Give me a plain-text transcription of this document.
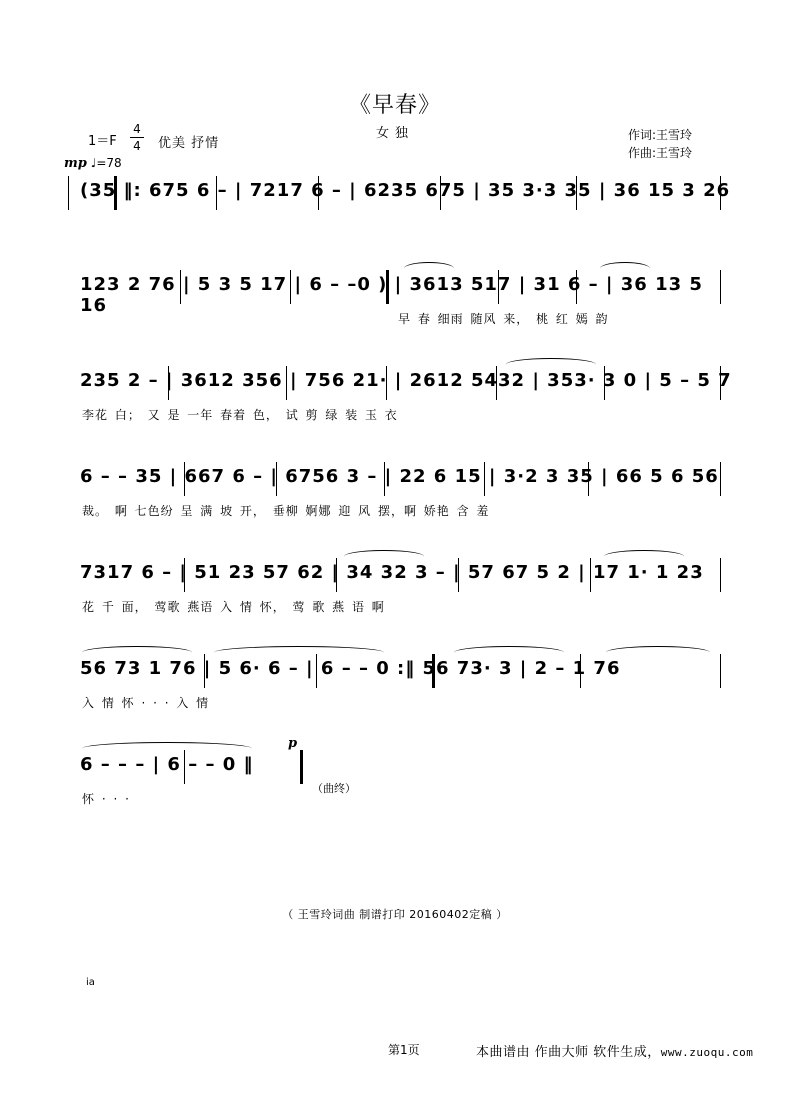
《早春》
女独	作词:王雪玲
作曲:王雪玲
1＝F
4
4 优美 抒情
mp ♩=78
(35 ‖: 675 6 – | 7217 6 – | 6235 675 | 35 3·3 35 | 36 15 3 26
123 2 76 | 5 3 5 17 | 6 – –0 ) | 3613 517 | 31 6 – | 36 13 5 16
早 春 细雨 随风 来， 桃 红 嫣 韵
235 2 – | 3612 356 | 756 21· | 2612 5432 | 353· 3 0 | 5 – 5 7
李花 白； 又 是 一年 春着 色， 试 剪 绿 装 玉 衣
6 – – 35 | 667 6 – | 6756 3 – | 22 6 15 | 3·2 3 35 | 66 5 6 56
裁。 啊 七色纷 呈 满 坡 开， 垂柳 婀娜 迎 风 摆，啊 娇艳 含 羞
7317 6 – | 51 23 57 62 | 34 32 3 – | 57 67 5 2 | 17 1· 1 23
花 千 面， 莺歌 燕语 入 情 怀， 莺 歌 燕 语 啊
56 73 1 76 | 5 6· 6 – | 6 – – 0 :‖ 56 73· 3 | 2 – 1 76
入 情 怀 · · · 入 情
6 – – – | 6 – – 0 ‖
怀 · · ·
p
（曲终）
（ 王雪玲词曲 制谱打印 20160402定稿 ）
ia
第1页	本曲谱由 作曲大师 软件生成，www.zuoqu.com
